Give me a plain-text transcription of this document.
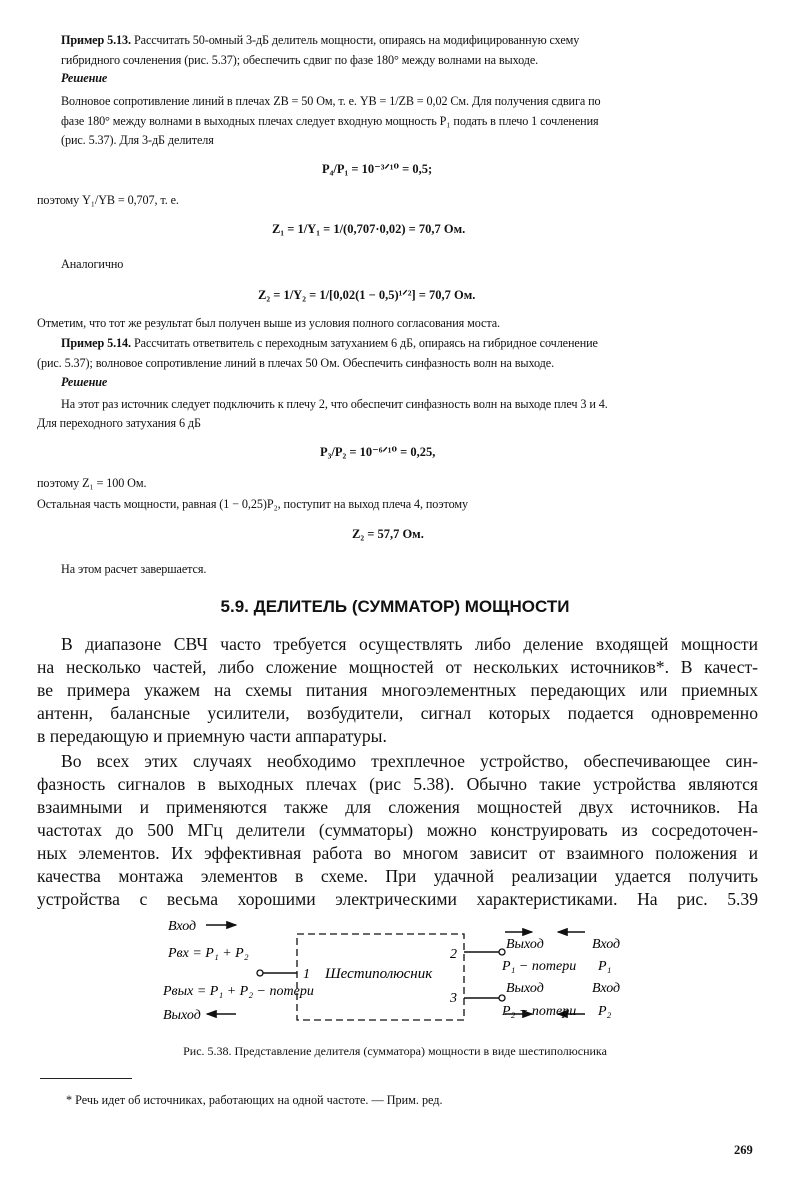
Пример 5.13. Рассчитать 50-омный 3-дБ делитель мощности, опираясь на модифицированную схему
гибридного сочленения (рис. 5.37); обеспечить сдвиг по фазе 180° между волнами на выходе.
Решение
Волновое сопротивление линий в плечах ZВ = 50 Ом, т. е. YВ = 1/ZВ = 0,02 См. Для получения сдвига по
фазе 180° между волнами в выходных плечах следует входную мощность P₁ подать в плечо 1 сочленения
(рис. 5.37). Для 3-дБ делителя
P₄/P₁ = 10⁻³ᐟ¹⁰ = 0,5;
поэтому Y₁/YВ = 0,707, т. е.
Z₁ = 1/Y₁ = 1/(0,707·0,02) = 70,7 Ом.
Аналогично
Z₂ = 1/Y₂ = 1/[0,02(1 − 0,5)¹ᐟ²] = 70,7 Ом.
Отметим, что тот же результат был получен выше из условия полного согласования моста.
Пример 5.14. Рассчитать ответвитель с переходным затуханием 6 дБ, опираясь на гибридное сочленение
(рис. 5.37); волновое сопротивление линий в плечах 50 Ом. Обеспечить синфазность волн на выходе.
Решение
На этот раз источник следует подключить к плечу 2, что обеспечит синфазность волн на выходе плеч 3 и 4.
Для переходного затухания 6 дБ
P₃/P₂ = 10⁻⁶ᐟ¹⁰ = 0,25,
поэтому Z₁ = 100 Ом.
Остальная часть мощности, равная (1 − 0,25)P₂, поступит на выход плеча 4, поэтому
Z₂ = 57,7 Ом.
На этом расчет завершается.
5.9. ДЕЛИТЕЛЬ (СУММАТОР) МОЩНОСТИ
В диапазоне СВЧ часто требуется осуществлять либо деление входящей мощности
на несколько частей, либо сложение мощностей от нескольких источников*. В качест-
ве примера укажем на схемы питания многоэлементных передающих или приемных
антенн, балансные усилители, возбудители, сигнал которых подается одновременно
в передающую и приемную части аппаратуры.
Во всех этих случаях необходимо трехплечное устройство, обеспечивающее син-
фазность сигналов в выходных плечах (рис 5.38). Обычно такие устройства являются
взаимными и применяются также для сложения мощностей двух источников. На
частотах до 500 МГц делители (сумматоры) можно конструировать из сосредоточен-
ных элементов. Их эффективная работа во многом зависит от взаимного положения и
качества монтажа элементов в схеме. При удачной реализации удается получить
устройства с весьма хорошими электрическими характеристиками. На рис. 5.39
Вход
Pвх = P₁ + P₂
Pвых = P₁ + P₂ − потери
Выход
1 Шестиполюсник
2
3
Выход	Вход
P₁ − потери P₁
Выход	Вход
P₂ − потери P₂
Рис. 5.38. Представление делителя (сумматора) мощности в виде шестиполюсника
* Речь идет об источниках, работающих на одной частоте. — Прим. ред.
269
